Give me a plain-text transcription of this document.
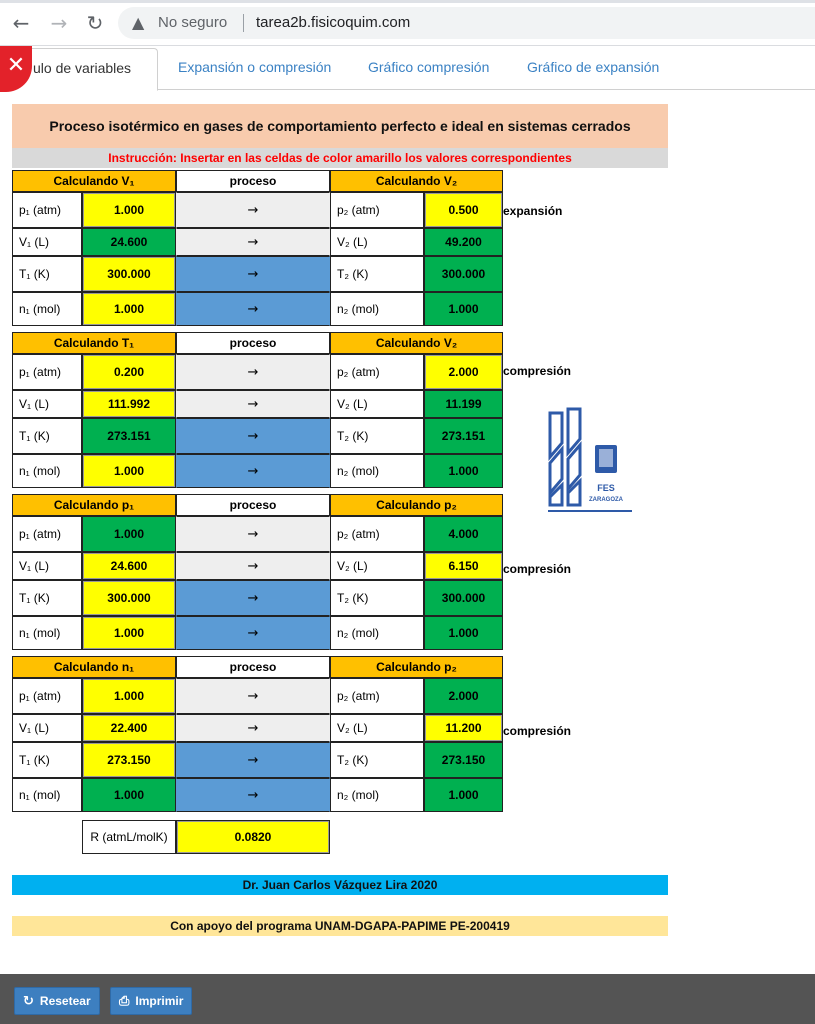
← → ↻ ▲ No seguro tarea2b.fisicoquim.com
ulo de variables	Expansión o compresión	Gráfico compresión	Gráfico de expansión
✕
Proceso isotérmico en gases de comportamiento perfecto e ideal en sistemas cerrados
Instrucción: Insertar en las celdas de color amarillo los valores correspondientes
Calculando V₁	proceso	Calculando V₂
p₁ (atm)	1.000	→	p₂ (atm)	0.500	expansión
V₁ (L)	24.600	→	V₂ (L)	49.200
T₁ (K)	300.000	→	T₂ (K)	300.000
n₁ (mol)	1.000	→	n₂ (mol)	1.000
Calculando T₁	proceso	Calculando V₂
p₁ (atm)	0.200	→	p₂ (atm)	2.000	compresión
V₁ (L)	111.992	→	V₂ (L)	11.199
T₁ (K)	273.151	→	T₂ (K)	273.151
n₁ (mol)	1.000	→	n₂ (mol)	1.000
Calculando p₁	proceso	Calculando p₂
p₁ (atm)	1.000	→	p₂ (atm)	4.000
V₁ (L)	24.600	→	V₂ (L)	6.150	compresión
T₁ (K)	300.000	→	T₂ (K)	300.000
n₁ (mol)	1.000	→	n₂ (mol)	1.000
Calculando n₁	proceso	Calculando p₂
p₁ (atm)	1.000	→	p₂ (atm)	2.000
V₁ (L)	22.400	→	V₂ (L)	11.200	compresión
T₁ (K)	273.150	→	T₂ (K)	273.150
n₁ (mol)	1.000	→	n₂ (mol)	1.000
R (atmL/molK)	0.0820
FES
ZARAGOZA
Dr. Juan Carlos Vázquez Lira 2020
Con apoyo del programa UNAM-DGAPA-PAPIME PE-200419
↻ Resetear ⎙ Imprimir
